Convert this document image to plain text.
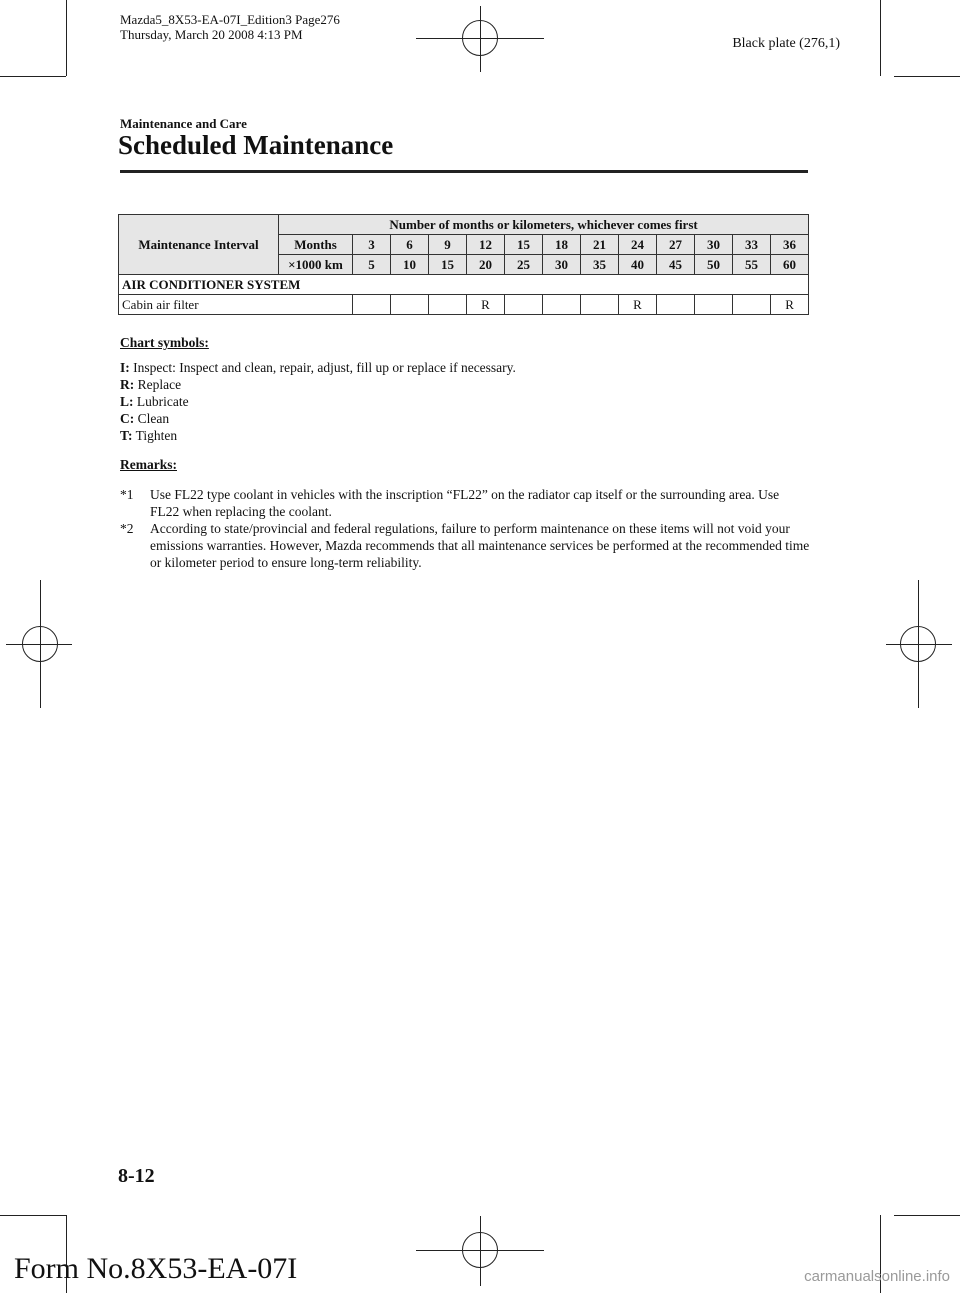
Mazda5_8X53-EA-07I_Edition3 Page276
Thursday, March 20 2008 4:13 PM
Black plate (276,1)
Maintenance and Care
Scheduled Maintenance
Maintenance Interval	Number of months or kilometers, whichever comes first												
	Months	3	6	9	12	15	18	21	24	27	30	33	36
	×1000 km	5	10	15	20	25	30	35	40	45	50	55	60
AIR CONDITIONER SYSTEM													
Cabin air filter					R				R				R
Chart symbols:
I: Inspect: Inspect and clean, repair, adjust, fill up or replace if necessary.
R: Replace
L: Lubricate
C: Clean
T: Tighten
Remarks:
*1	Use FL22 type coolant in vehicles with the inscription “FL22” on the radiator cap itself or the surrounding area. Use FL22 when replacing the coolant.
*2	According to state/provincial and federal regulations, failure to perform maintenance on these items will not void your emissions warranties. However, Mazda recommends that all maintenance services be performed at the recommended time or kilometer period to ensure long-term reliability.
8-12
Form No.8X53-EA-07I	carmanualsonline.info
